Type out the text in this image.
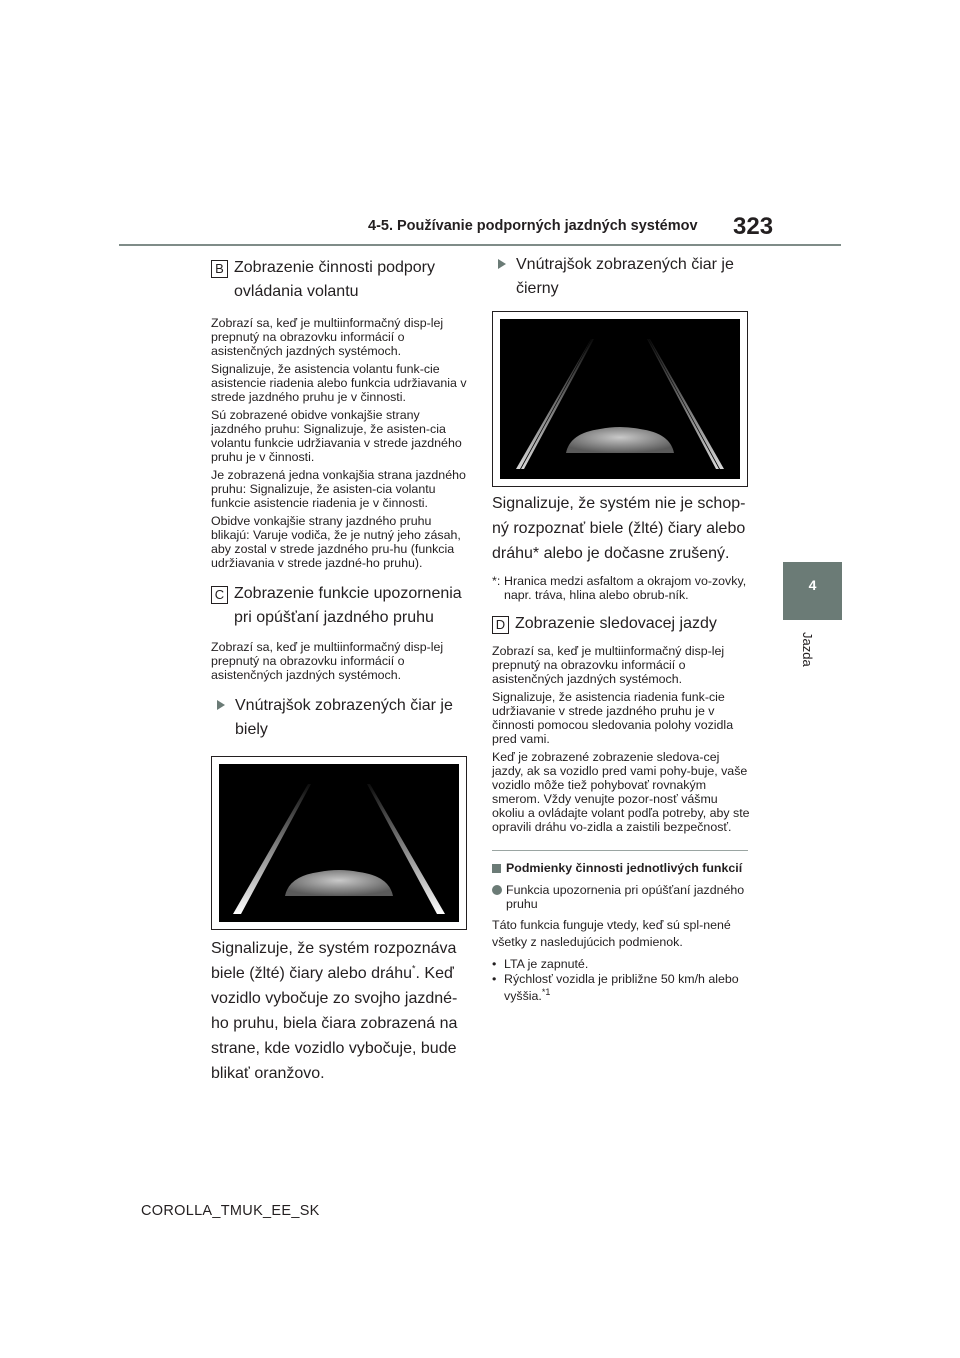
4-5. Používanie podporných jazdných systémov 323
4
Jazda
COROLLA_TMUK_EE_SK
B Zobrazenie činnosti podpory ovládania volantu

Zobrazí sa, keď je multiinformačný disp-lej prepnutý na obrazovku informácií o asistenčných jazdných systémoch.

Signalizuje, že asistencia volantu funk-cie asistencie riadenia alebo funkcia udržiavania v strede jazdného pruhu je v činnosti.

Sú zobrazené obidve vonkajšie strany jazdného pruhu: Signalizuje, že asisten-cia volantu funkcie udržiavania v strede jazdného pruhu je v činnosti.

Je zobrazená jedna vonkajšia strana jazdného pruhu: Signalizuje, že asisten-cia volantu funkcie asistencie riadenia je v činnosti.

Obidve vonkajšie strany jazdného pruhu blikajú: Varuje vodiča, že je nutný jeho zásah, aby zostal v strede jazdného pru-hu (funkcia udržiavania v strede jazdné-ho pruhu).

C Zobrazenie funkcie upozornenia pri opúšťaní jazdného pruhu

Zobrazí sa, keď je multiinformačný disp-lej prepnutý na obrazovku informácií o asistenčných jazdných systémoch.

Vnútrajšok zobrazených čiar je biely

Signalizuje, že systém rozpoznáva biele (žlté) čiary alebo dráhu*. Keď vozidlo vybočuje zo svojho jazdné-ho pruhu, biela čiara zobrazená na strane, kde vozidlo vybočuje, bude blikať oranžovo.

Vnútrajšok zobrazených čiar je čierny

Signalizuje, že systém nie je schop-ný rozpoznať biele (žlté) čiary alebo dráhu* alebo je dočasne zrušený.

*: Hranica medzi asfaltom a okrajom vo-zovky, napr. tráva, hlina alebo obrub-ník.
D Zobrazenie sledovacej jazdy

Zobrazí sa, keď je multiinformačný disp-lej prepnutý na obrazovku informácií o asistenčných jazdných systémoch.

Signalizuje, že asistencia riadenia funk-cie udržiavanie v strede jazdného pruhu je v činnosti pomocou sledovania polohy vozidla pred vami.

Keď je zobrazené zobrazenie sledova-cej jazdy, ak sa vozidlo pred vami pohy-buje, vaše vozidlo môže tiež pohybovať rovnakým smerom. Vždy venujte pozor-nosť vášmu okoliu a ovládajte volant podľa potreby, aby ste opravili dráhu vo-zidla a zaistili bezpečnosť.

Podmienky činnosti jednotlivých funkcií
Funkcia upozornenia pri opúšťaní jazdného pruhu

Táto funkcia funguje vtedy, keď sú spl-nené všetky z nasledujúcich podmienok.

• LTA je zapnuté.
• Rýchlosť vozidla je približne 50 km/h alebo vyššia.$^{*1}$
